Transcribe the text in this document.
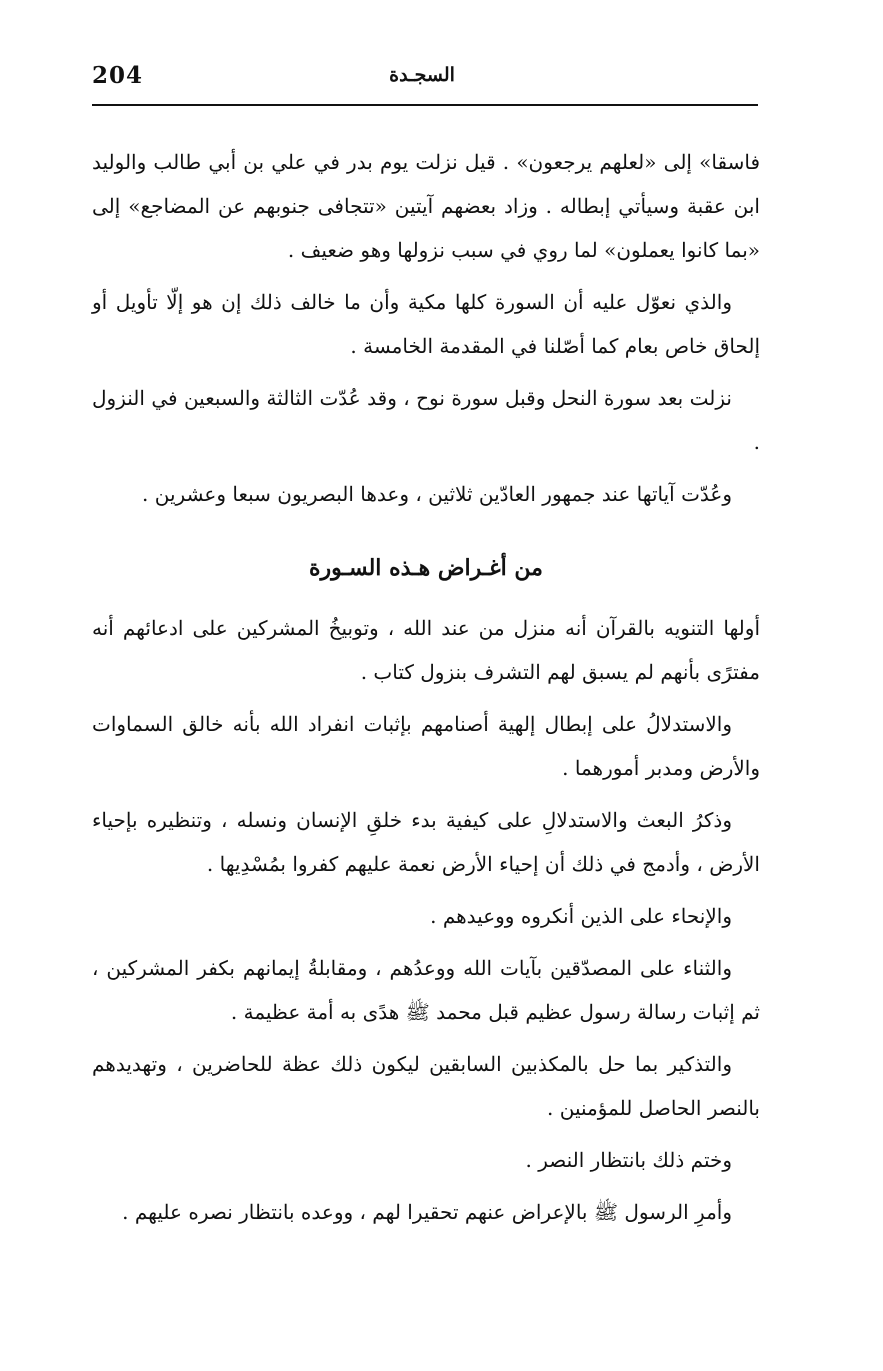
204	السجـدة

فاسقا» إلى «لعلهم يرجعون» . قيل نزلت يوم بدر في علي بن أبي طالب والوليد ابن عقبة وسيأتي إبطاله . وزاد بعضهم آيتين «تتجافى جنوبهم عن المضاجع» إلى «بما كانوا يعملون» لما روي في سبب نزولها وهو ضعيف .

والذي نعوّل عليه أن السورة كلها مكية وأن ما خالف ذلك إن هو إلّا تأويل أو إلحاق خاص بعام كما أصّلنا في المقدمة الخامسة .

نزلت بعد سورة النحل وقبل سورة نوح ، وقد عُدّت الثالثة والسبعين في النزول .

وعُدّت آياتها عند جمهور العادّين ثلاثين ، وعدها البصريون سبعا وعشرين .

من أغـراض هـذه السـورة

أولها التنويه بالقرآن أنه منزل من عند الله ، وتوبيخُ المشركين على ادعائهم أنه مفترًى بأنهم لم يسبق لهم التشرف بنزول كتاب .

والاستدلالُ على إبطال إلهية أصنامهم بإثبات انفراد الله بأنه خالق السماوات والأرض ومدبر أمورهما .

وذكرُ البعث والاستدلالِ على كيفية بدء خلقِ الإنسان ونسله ، وتنظيره بإحياء الأرض ، وأدمج في ذلك أن إحياء الأرض نعمة عليهم كفروا بمُسْدِيها .

والإنحاء على الذين أنكروه ووعيدهم .

والثناء على المصدّقين بآيات الله ووعدُهم ، ومقابلةُ إيمانهم بكفر المشركين ، ثم إثبات رسالة رسول عظيم قبل محمد ﷺ هدًى به أمة عظيمة .

والتذكير بما حل بالمكذبين السابقين ليكون ذلك عظة للحاضرين ، وتهديدهم بالنصر الحاصل للمؤمنين .

وختم ذلك بانتظار النصر .

وأمرِ الرسول ﷺ بالإعراض عنهم تحقيرا لهم ، ووعده بانتظار نصره عليهم .
